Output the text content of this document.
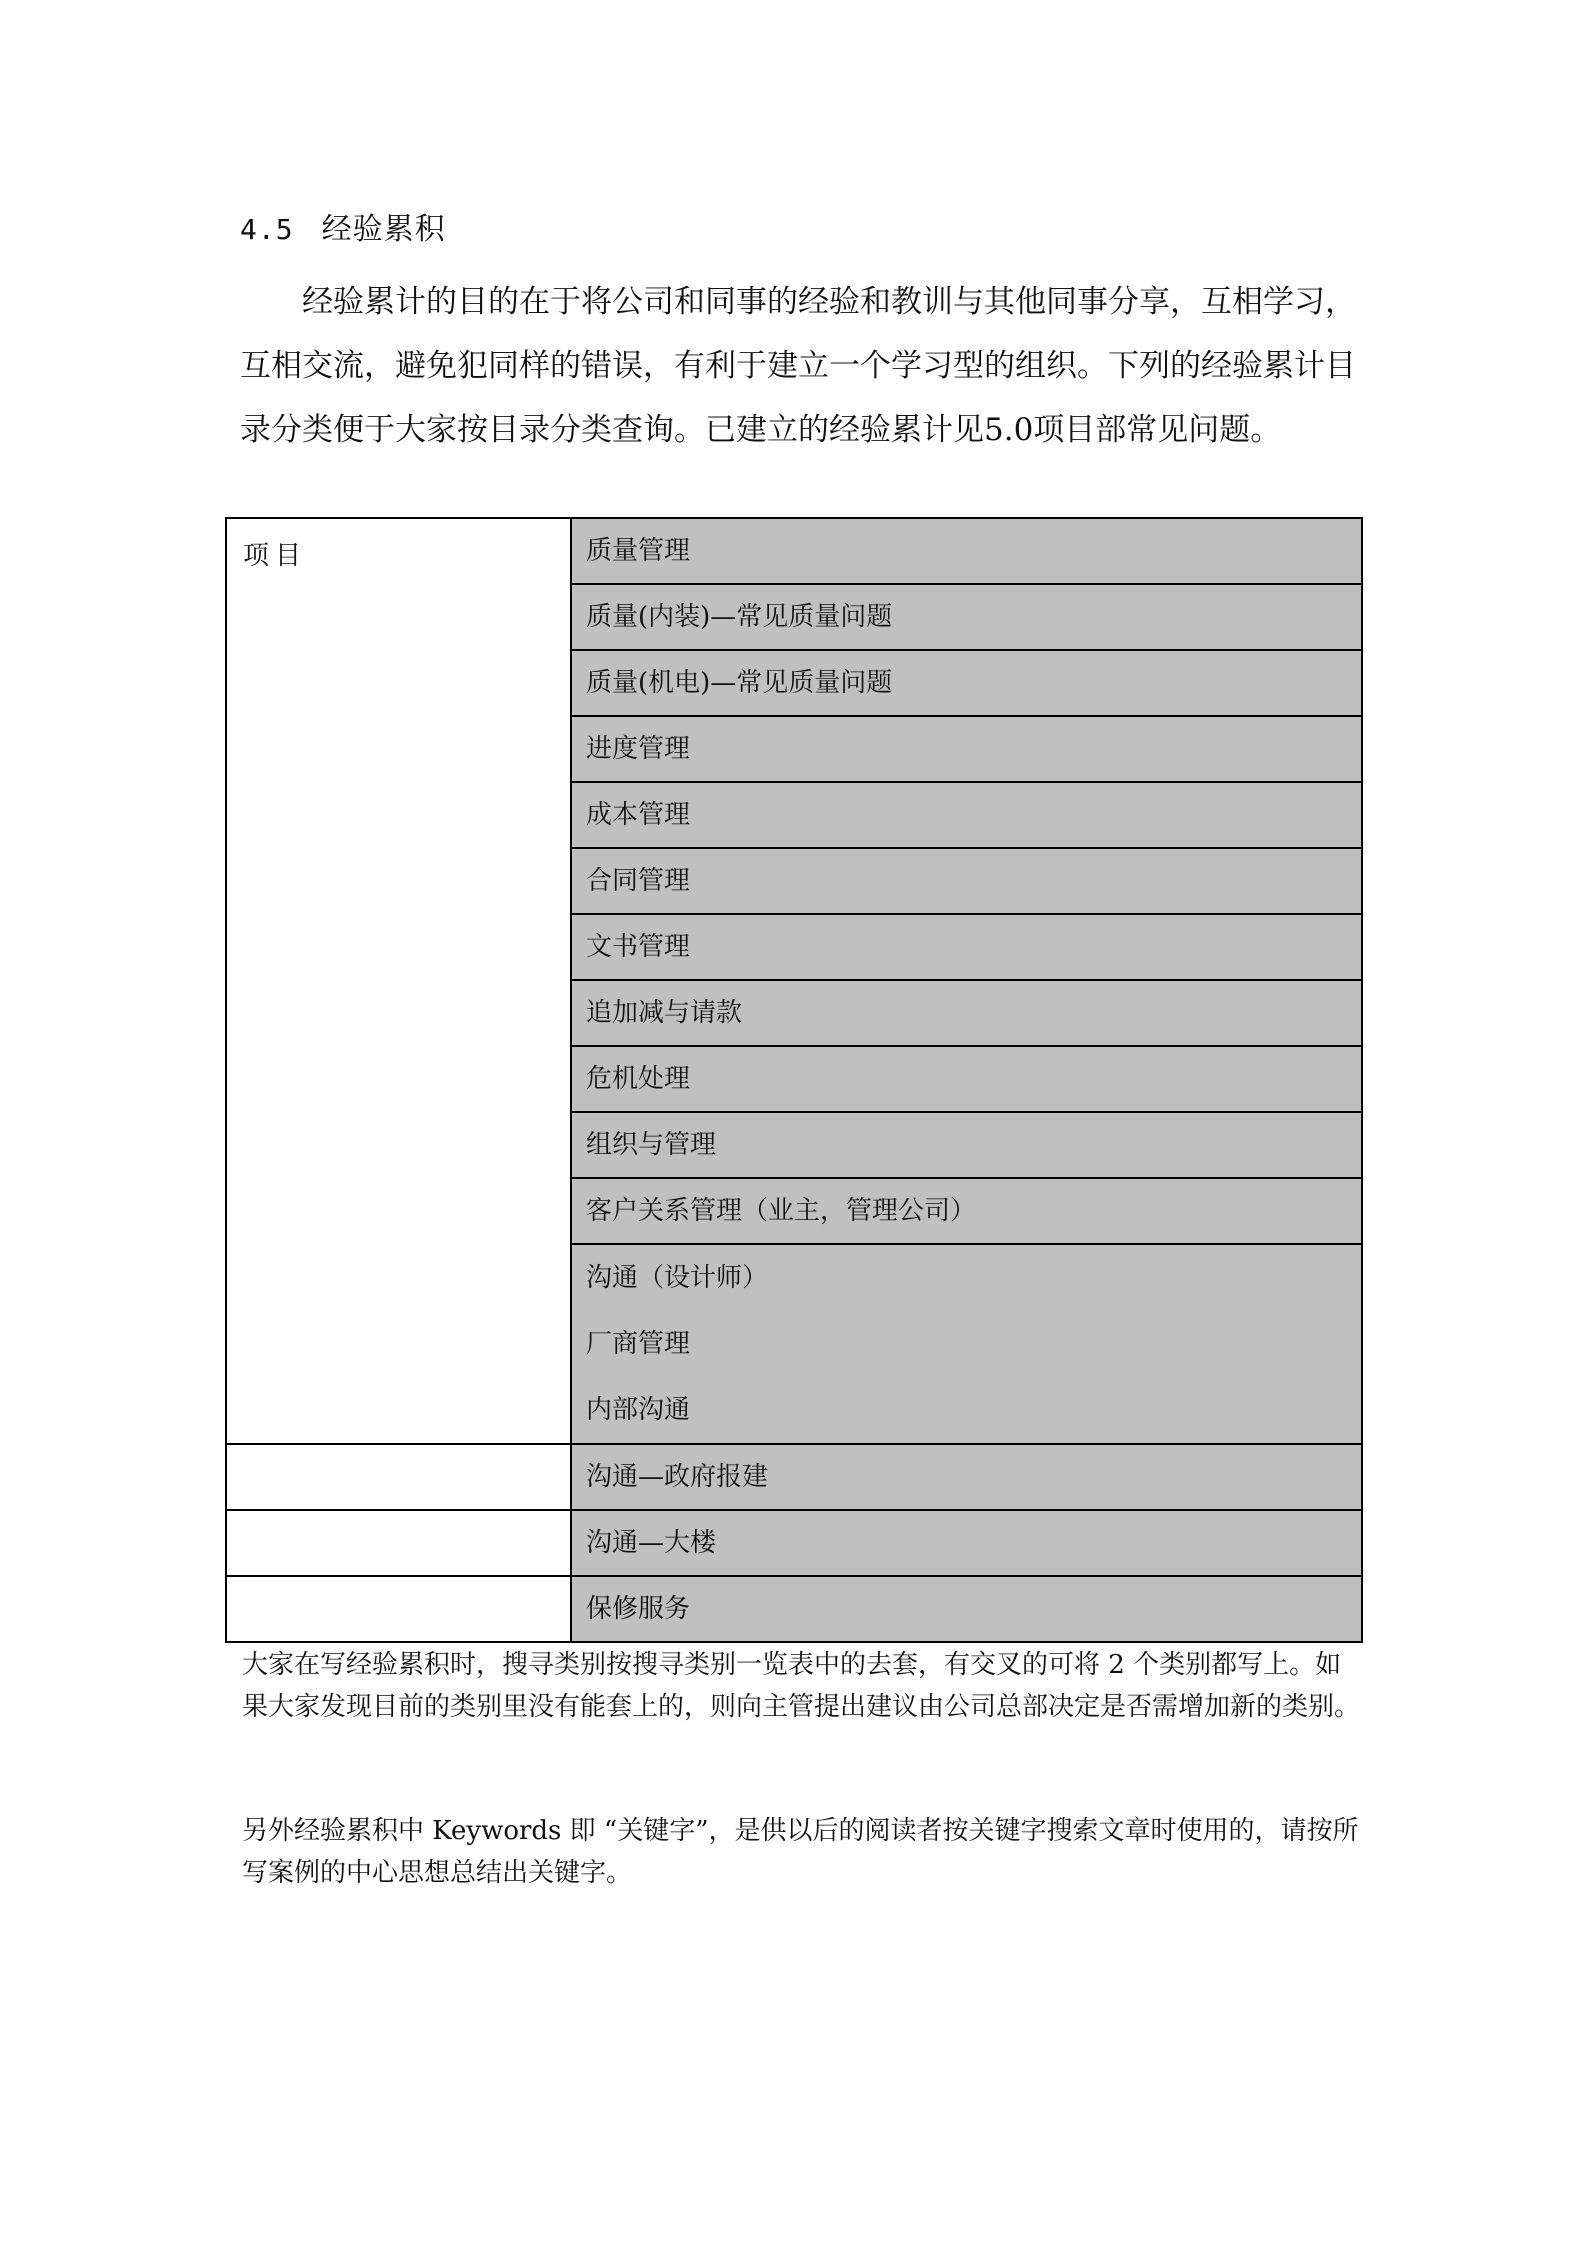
4.5 经验累积

经验累计的目的在于将公司和同事的经验和教训与其他同事分享，互相学习，互相交流，避免犯同样的错误，有利于建立一个学习型的组织。下列的经验累计目录分类便于大家按目录分类查询。已建立的经验累计见5.0项目部常见问题。

项目	质量管理

	质量(内装)—常见质量问题

	质量(机电)—常见质量问题

	进度管理

	成本管理

	合同管理

	文书管理

	追加减与请款

	危机处理

	组织与管理

	客户关系管理（业主，管理公司）

	沟通（设计师）
厂商管理
内部沟通

	沟通—政府报建

	沟通—大楼

	保修服务

大家在写经验累积时，搜寻类别按搜寻类别一览表中的去套，有交叉的可将 2 个类别都写上。如果大家发现目前的类别里没有能套上的，则向主管提出建议由公司总部决定是否需增加新的类别。

另外经验累积中 Keywords 即 “关键字”，是供以后的阅读者按关键字搜索文章时使用的，请按所写案例的中心思想总结出关键字。
